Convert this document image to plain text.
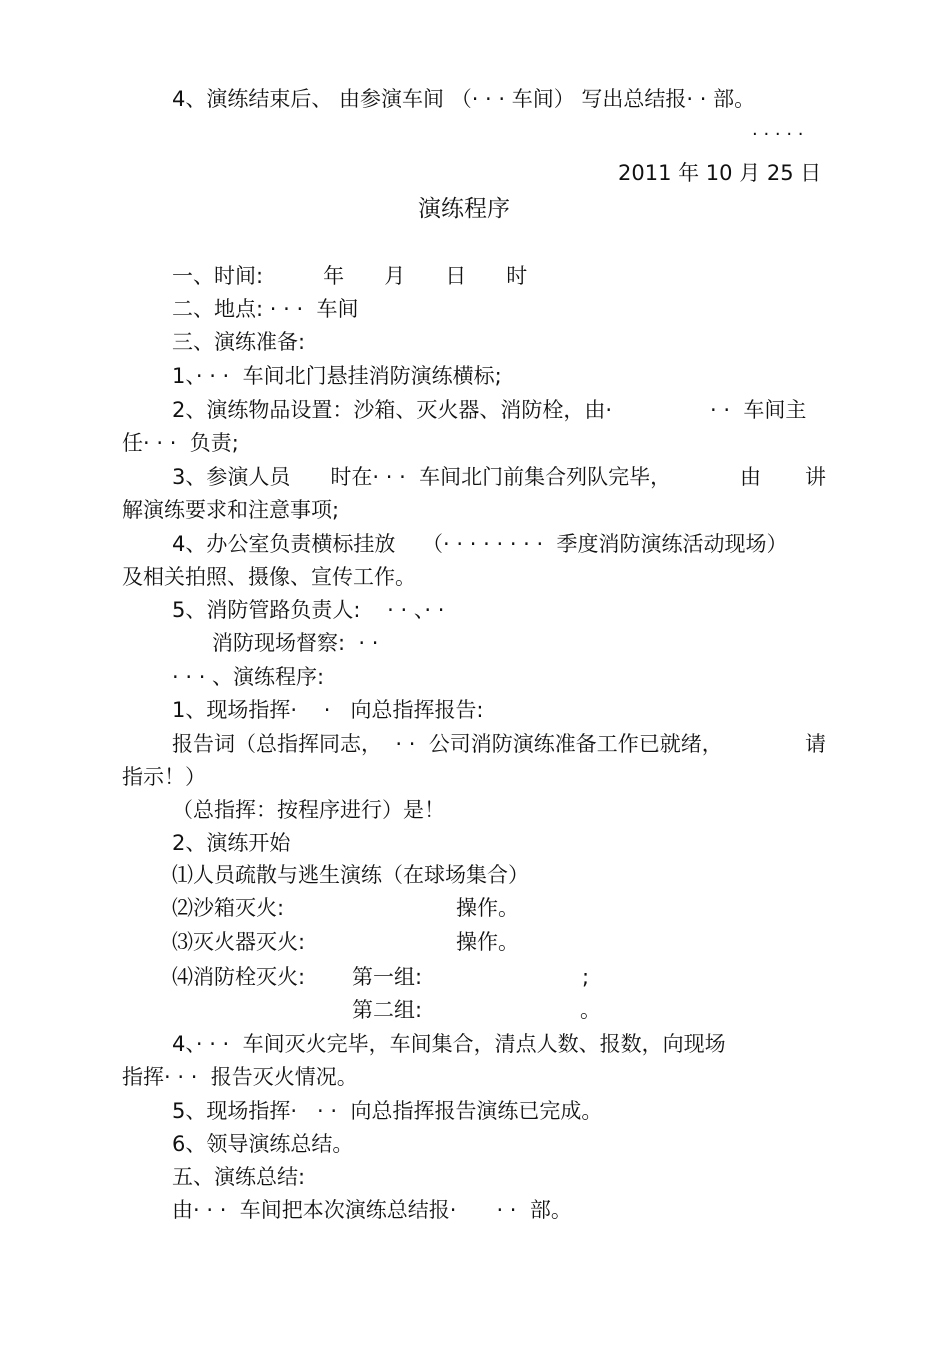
4、演练结束后、 由参演车间 （· · · 车间） 写出总结报· · 部。
· · · · ·
2011 年 10 月 25 日
演练程序
一、时间:         年      月      日      时
二、地点: · · ·  车间
三、演练准备:
1、· · ·  车间北门悬挂消防演练横标;
2、演练物品设置：沙箱、灭火器、消防栓，由·	· ·  车间主
任· · ·  负责;
3、参演人员      时在· · ·  车间北门前集合列队完毕，	由 讲
解演练要求和注意事项;
4、办公室负责横标挂放    （· · · · · · · ·  季度消防演练活动现场）
及相关拍照、摄像、宣传工作。
5、消防管路负责人:    · · 、· ·
消防现场督察:  · ·
· · · 、演练程序:
1、现场指挥·    ·   向总指挥报告:
报告词（总指挥同志，  · ·  公司消防演练准备工作已就绪，	请
指示！）
（总指挥：按程序进行）是！
2、演练开始
⑴人员疏散与逃生演练（在球场集合）
⑵沙箱灭火:	操作。
⑶灭火器灭火:	操作。
⑷消防栓灭火: 第一组:	;
第二组:	。
4、· · ·  车间灭火完毕，车间集合，清点人数、报数，向现场
指挥· · ·  报告灭火情况。
5、现场指挥·   · ·  向总指挥报告演练已完成。
6、领导演练总结。
五、演练总结:
由· · ·  车间把本次演练总结报·      · ·  部。
